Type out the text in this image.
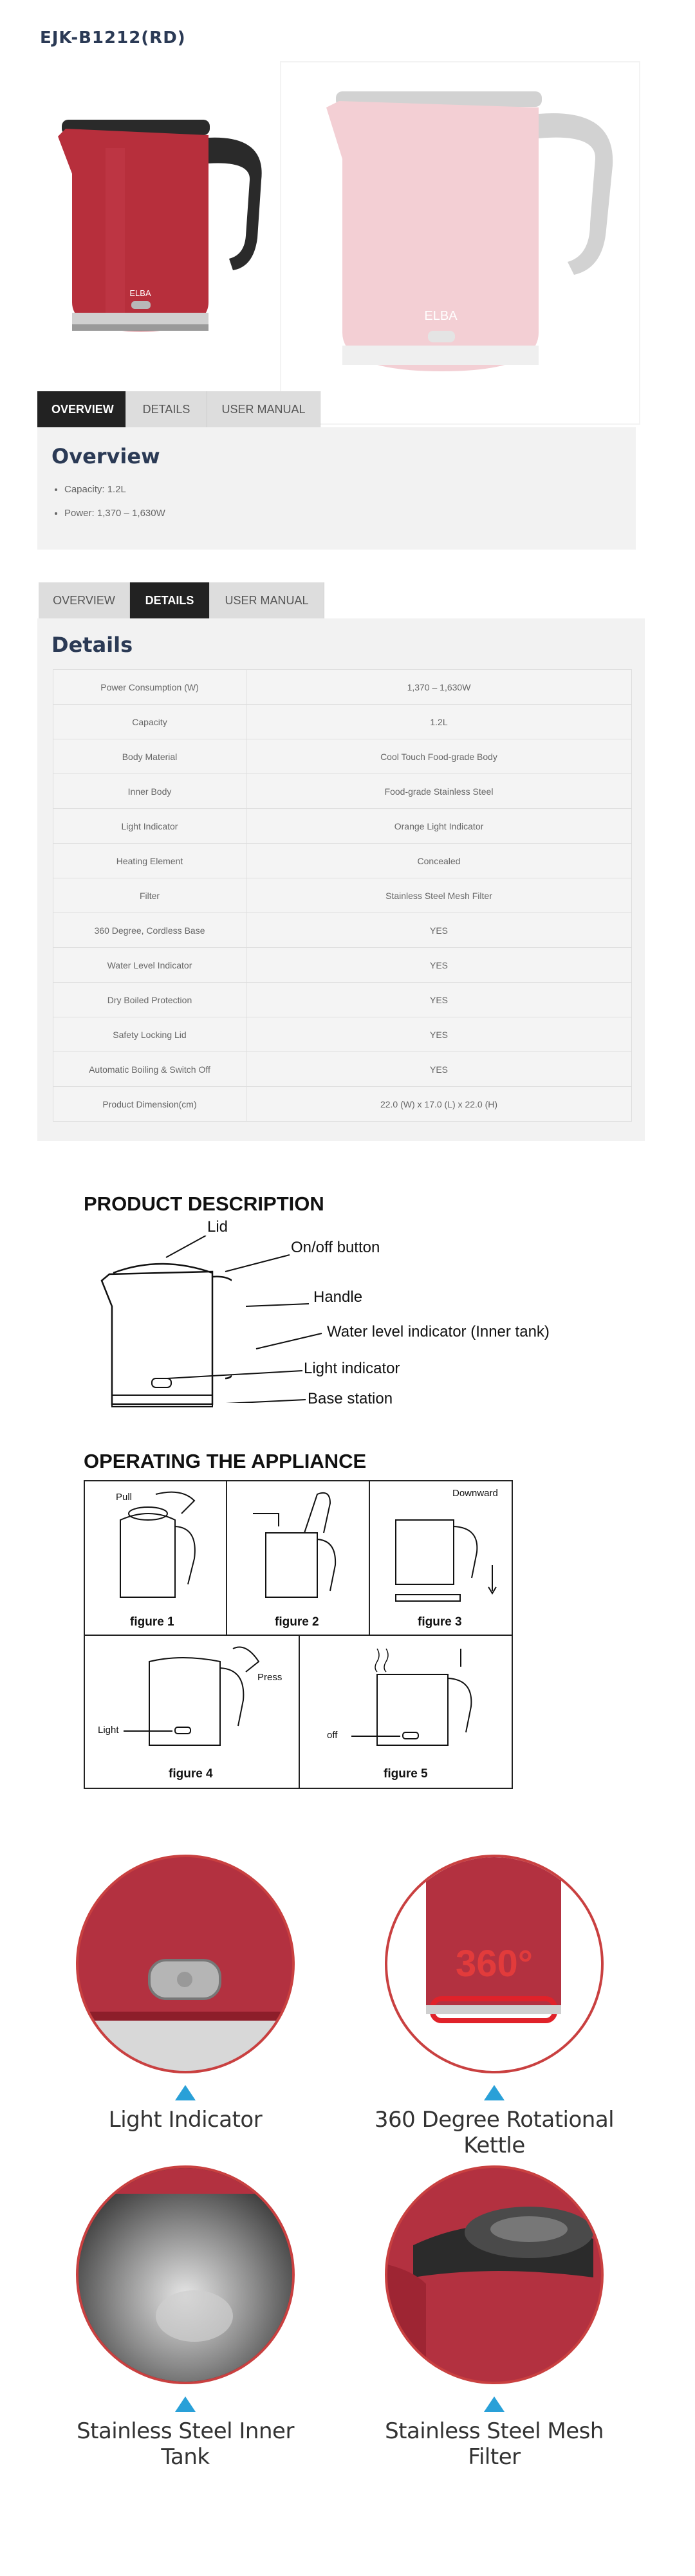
EJK-B1212(RD)
ELBA
ELBA
OVERVIEW	DETAILS	USER MANUAL
Overview
• Capacity: 1.2L
• Power: 1,370 – 1,630W
OVERVIEW	DETAILS	USER MANUAL
Details
Power Consumption (W)	1,370 – 1,630W
Capacity	1.2L
Body Material	Cool Touch Food-grade Body
Inner Body	Food-grade Stainless Steel
Light Indicator	Orange Light Indicator
Heating Element	Concealed
Filter	Stainless Steel Mesh Filter
360 Degree, Cordless Base	YES
Water Level Indicator	YES
Dry Boiled Protection	YES
Safety Locking Lid	YES
Automatic Boiling & Switch Off	YES
Product Dimension(cm)	22.0 (W) x 17.0 (L) x 22.0 (H)
PRODUCT DESCRIPTION
Lid
On/off button
Handle
Water level indicator (Inner tank)
Light indicator
Base station
OPERATING THE APPLIANCE
Pull
figure 1	figure 2
Downward
figure 3
Press
Light
figure 4
off
figure 5
Light Indicator
360°
360 Degree Rotational Kettle
Stainless Steel Inner Tank
Stainless Steel Mesh Filter
